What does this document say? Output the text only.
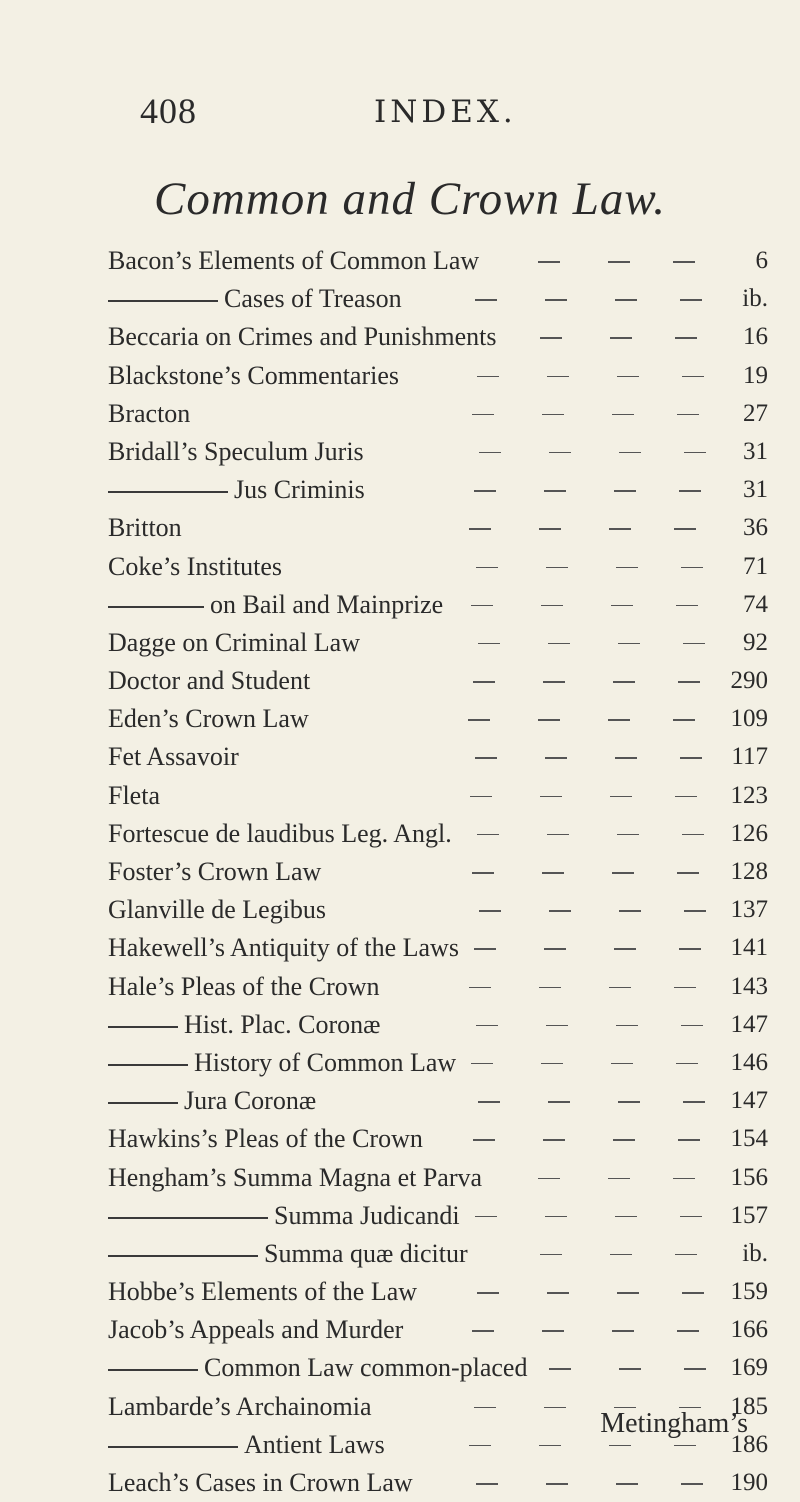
408	INDEX.
Common and Crown Law.
Bacon’s Elements of Common Law	6
Cases of Treason	ib.
Beccaria on Crimes and Punishments	16
Blackstone’s Commentaries	19
Bracton	27
Bridall’s Speculum Juris	31
Jus Criminis	31
Britton	36
Coke’s Institutes	71
on Bail and Mainprize	74
Dagge on Criminal Law	92
Doctor and Student	290
Eden’s Crown Law	109
Fet Assavoir	117
Fleta	123
Fortescue de laudibus Leg. Angl.	126
Foster’s Crown Law	128
Glanville de Legibus	137
Hakewell’s Antiquity of the Laws	141
Hale’s Pleas of the Crown	143
Hist. Plac. Coronæ	147
History of Common Law	146
Jura Coronæ	147
Hawkins’s Pleas of the Crown	154
Hengham’s Summa Magna et Parva	156
Summa Judicandi	157
Summa quæ dicitur	ib.
Hobbe’s Elements of the Law	159
Jacob’s Appeals and Murder	166
Common Law common-placed	169
Lambarde’s Archainomia	185
Antient Laws	186
Leach’s Cases in Crown Law	190
Metingham’s
